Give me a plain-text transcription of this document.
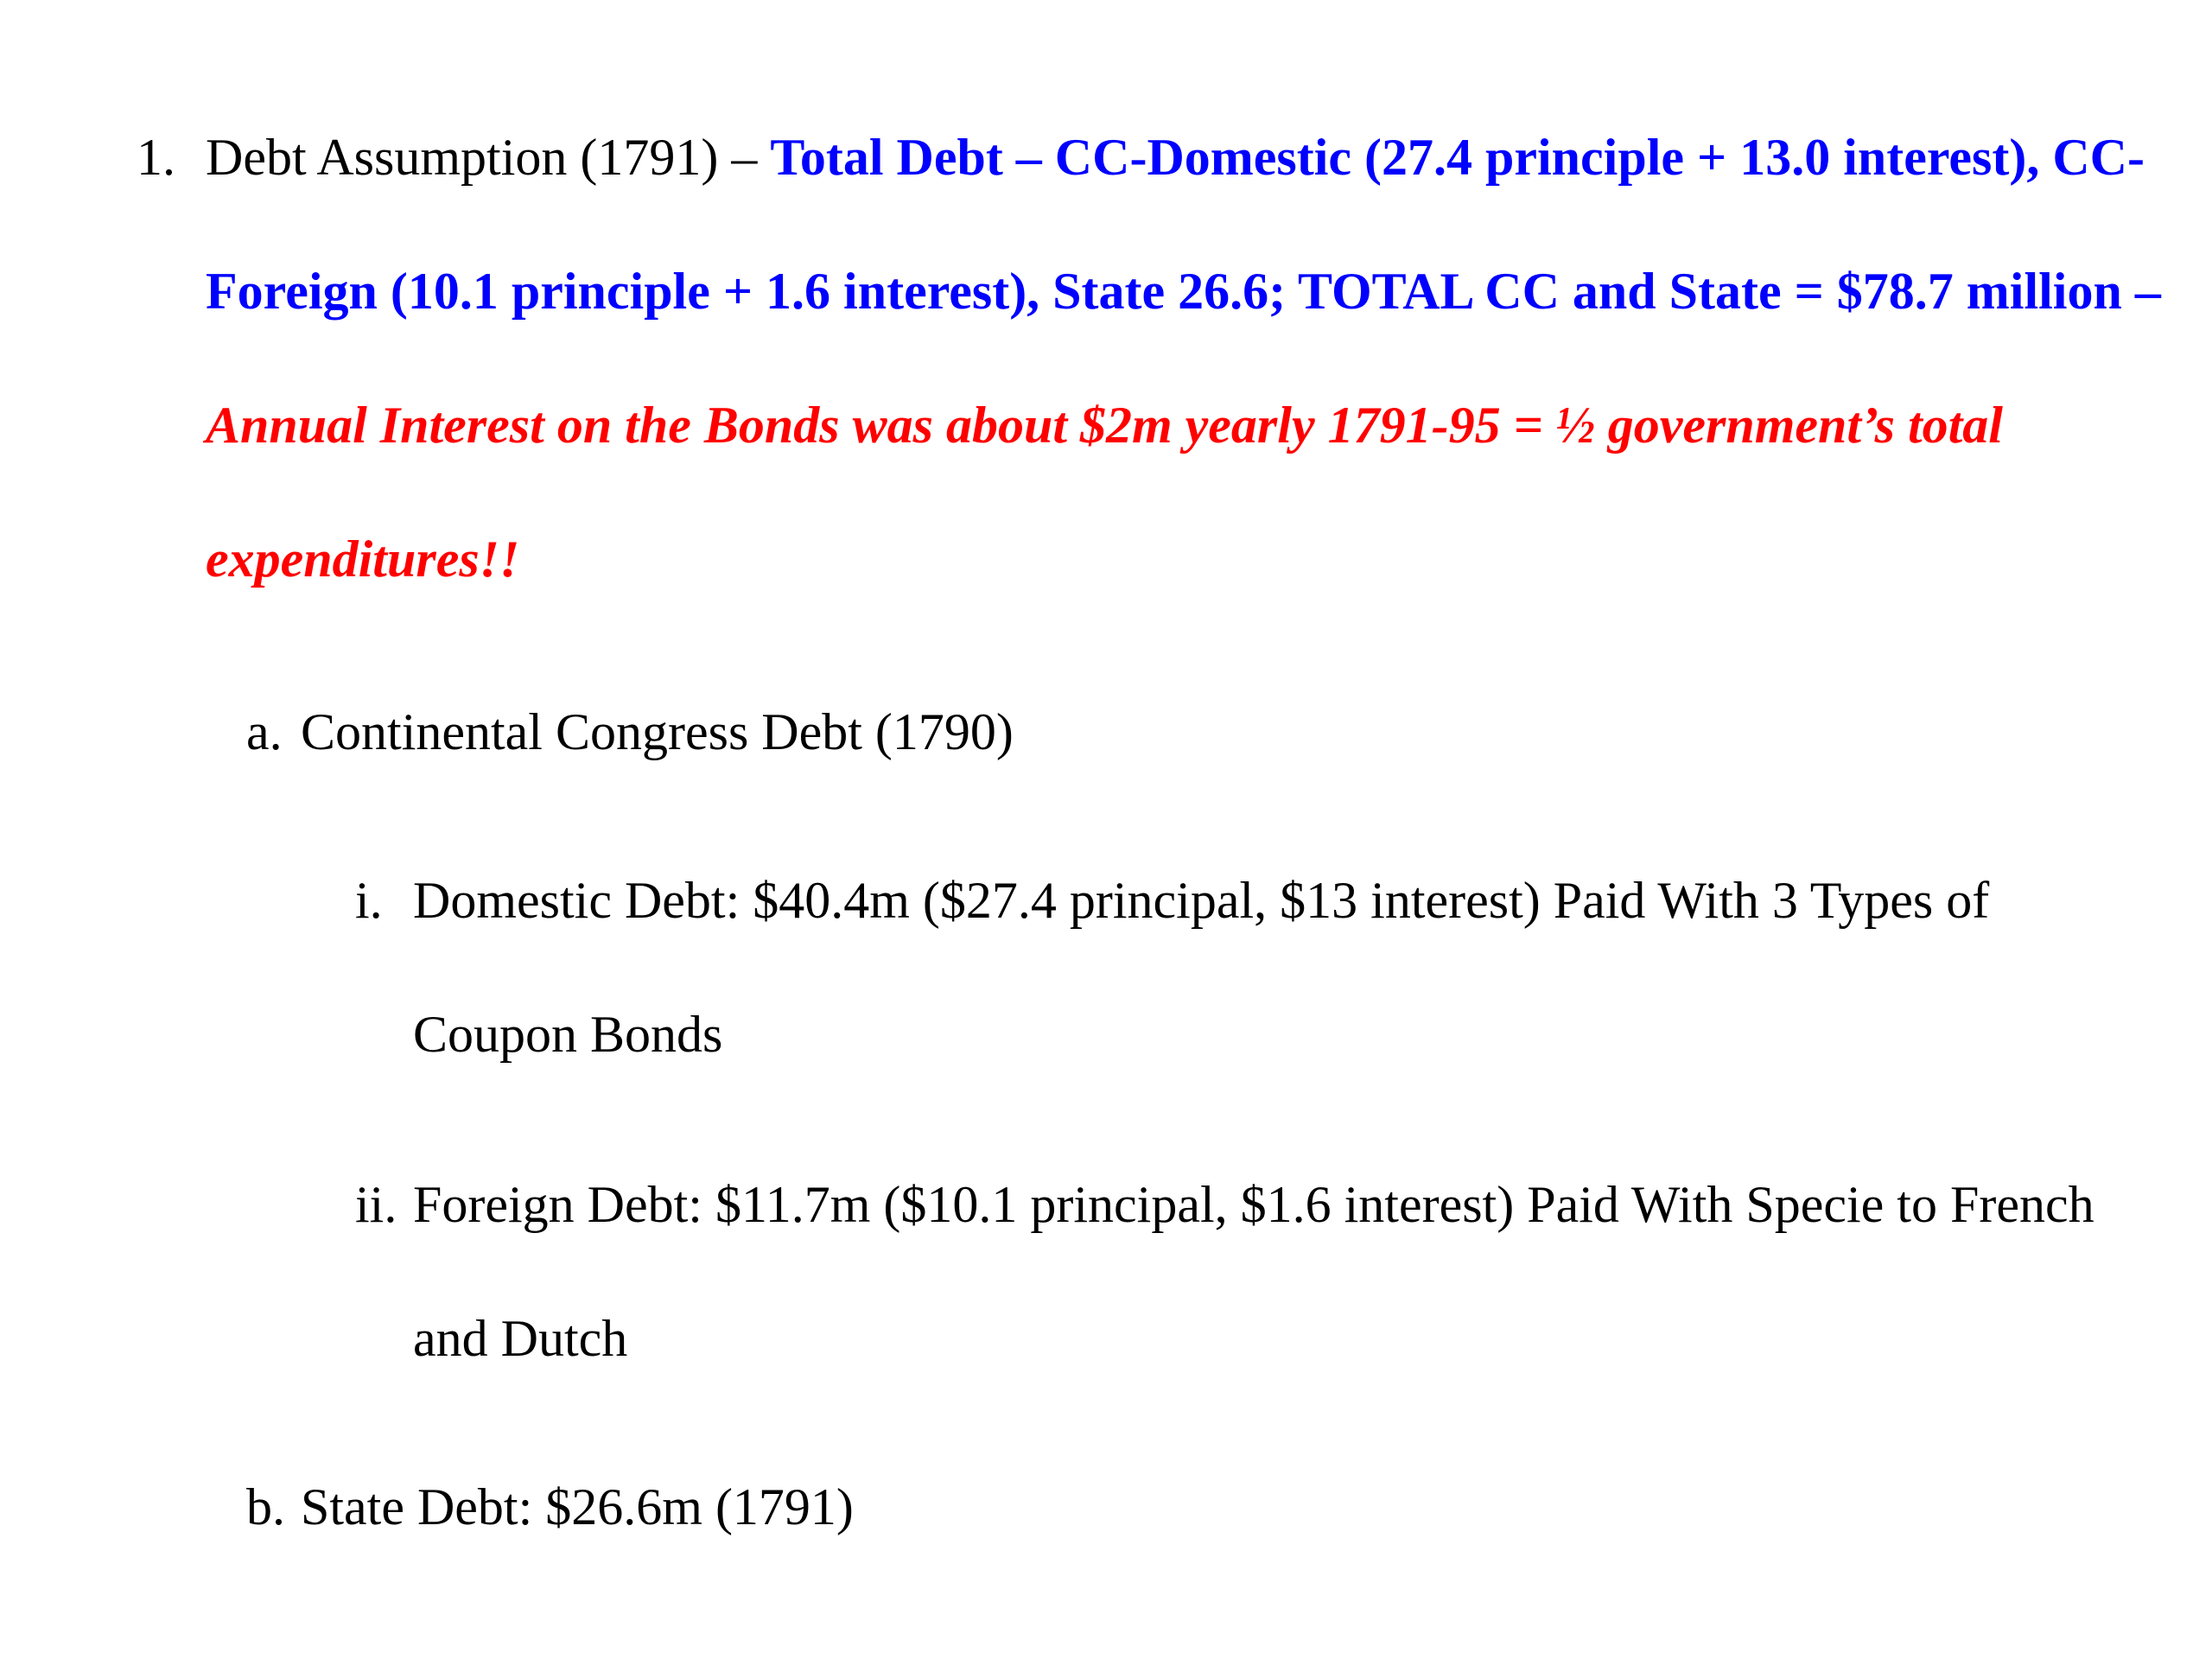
1. Debt Assumption (1791) – Total Debt – CC-Domestic (27.4 principle + 13.0 interest), CC-Foreign (10.1 principle + 1.6 interest), State 26.6; TOTAL CC and State = $78.7 million – Annual Interest on the Bonds was about $2m yearly 1791-95 = ½ government’s total expenditures!!
a. Continental Congress Debt (1790)
i. Domestic Debt: $40.4m ($27.4 principal, $13 interest) Paid With 3 Types of Coupon Bonds
ii. Foreign Debt: $11.7m ($10.1 principal, $1.6 interest) Paid With Specie to French and Dutch
b. State Debt: $26.6m (1791)
